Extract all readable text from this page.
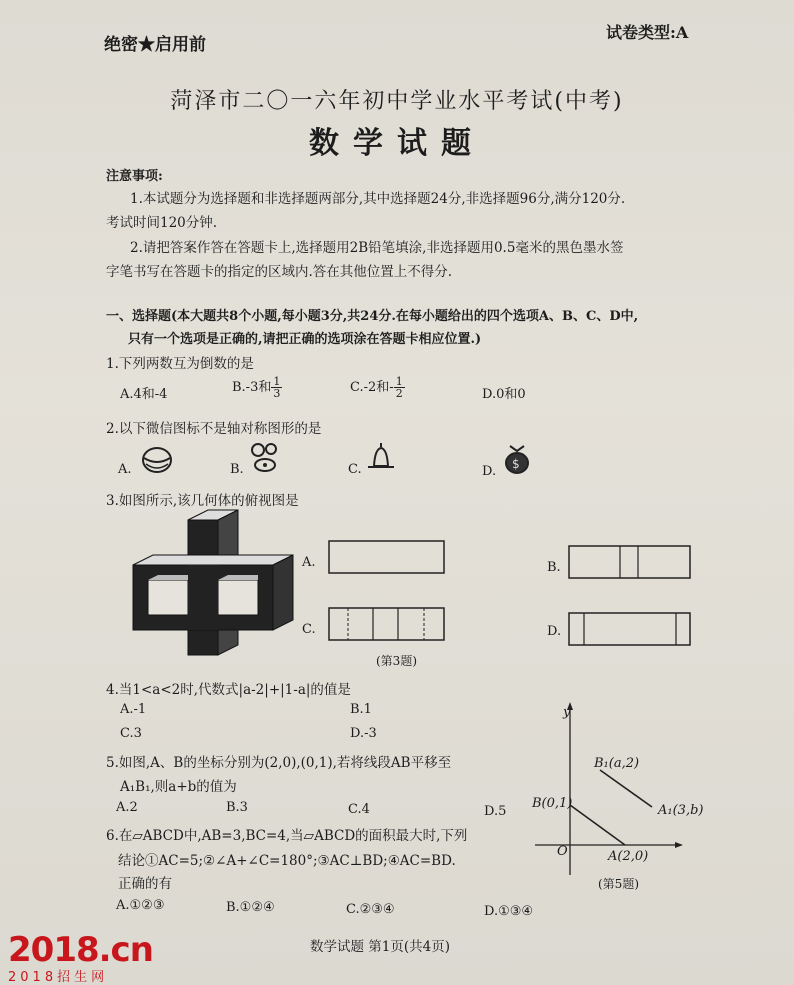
绝密★启用前
试卷类型:A
菏泽市二〇一六年初中学业水平考试(中考)
数学试题
注意事项:
1.本试题分为选择题和非选择题两部分,其中选择题24分,非选择题96分,满分120分.
考试时间120分钟.
2.请把答案作答在答题卡上,选择题用2B铅笔填涂,非选择题用0.5毫米的黑色墨水签
字笔书写在答题卡的指定的区域内.答在其他位置上不得分.
一、选择题(本大题共8个小题,每小题3分,共24分.在每小题给出的四个选项A、B、C、D中,
只有一个选项是正确的,请把正确的选项涂在答题卡相应位置.)
1.下列两数互为倒数的是
A.4和-4	B.-3和 $\frac{1}{3}$	C.-2和- $\frac{1}{2}$	D.0和0
2.以下微信图标不是轴对称图形的是
A.	B.	C.	D. $
3.如图所示,该几何体的俯视图是
A.	B.
C.	D.
(第3题)
4.当1<a<2时,代数式|a-2|+|1-a|的值是
A.-1	B.1
C.3	D.-3
5.如图,A、B的坐标分别为(2,0),(0,1),若将线段AB平移至
A₁B₁,则a+b的值为
A.2	B.3	C.4	D.5
y
B₁(a,2)
B(0,1)	A₁(3,b)
O	A(2,0)
(第5题)
6.在▱ABCD中,AB=3,BC=4,当▱ABCD的面积最大时,下列
结论①AC=5;②∠A+∠C=180°;③AC⊥BD;④AC=BD.
正确的有
A.①②③	B.①②④	C.②③④	D.①③④
数学试题 第1页(共4页)
2018.cn
2018招生网
